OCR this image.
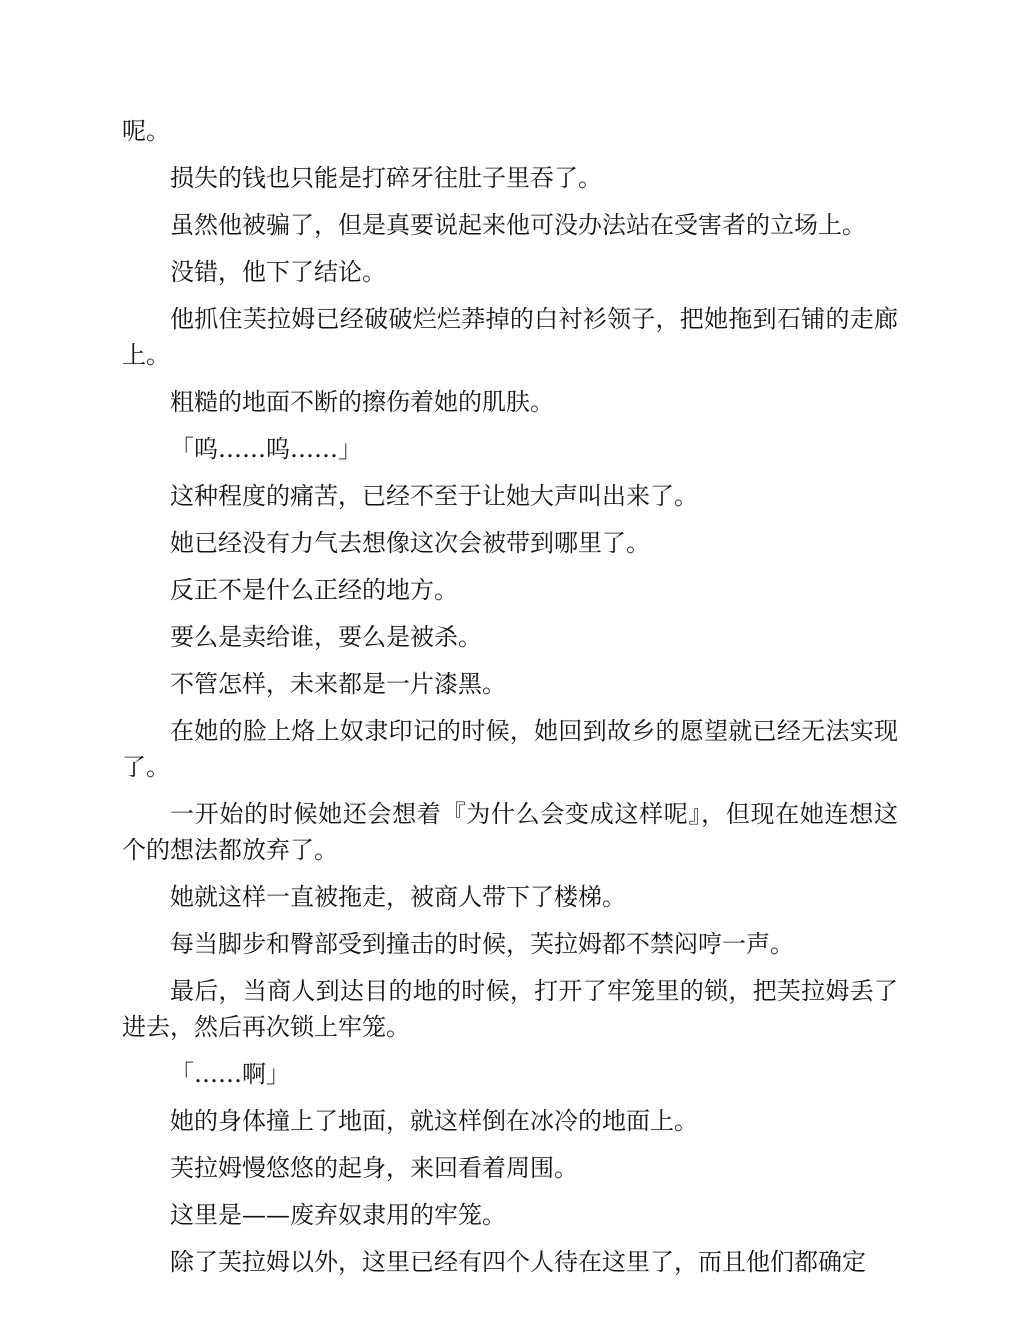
呢。

损失的钱也只能是打碎牙往肚子里吞了。

虽然他被骗了，但是真要说起来他可没办法站在受害者的立场上。

没错，他下了结论。

他抓住芙拉姆已经破破烂烂莽掉的白衬衫领子，把她拖到石铺的走廊上。

粗糙的地面不断的擦伤着她的肌肤。

「呜……呜……」

这种程度的痛苦，已经不至于让她大声叫出来了。

她已经没有力气去想像这次会被带到哪里了。

反正不是什么正经的地方。

要么是卖给谁，要么是被杀。

不管怎样，未来都是一片漆黑。

在她的脸上烙上奴隶印记的时候，她回到故乡的愿望就已经无法实现了。

一开始的时候她还会想着『为什么会变成这样呢』，但现在她连想这个的想法都放弃了。

她就这样一直被拖走，被商人带下了楼梯。

每当脚步和臀部受到撞击的时候，芙拉姆都不禁闷哼一声。

最后，当商人到达目的地的时候，打开了牢笼里的锁，把芙拉姆丢了进去，然后再次锁上牢笼。

「……啊」

她的身体撞上了地面，就这样倒在冰冷的地面上。

芙拉姆慢悠悠的起身，来回看着周围。

这里是——废弃奴隶用的牢笼。

除了芙拉姆以外，这里已经有四个人待在这里了，而且他们都确定
